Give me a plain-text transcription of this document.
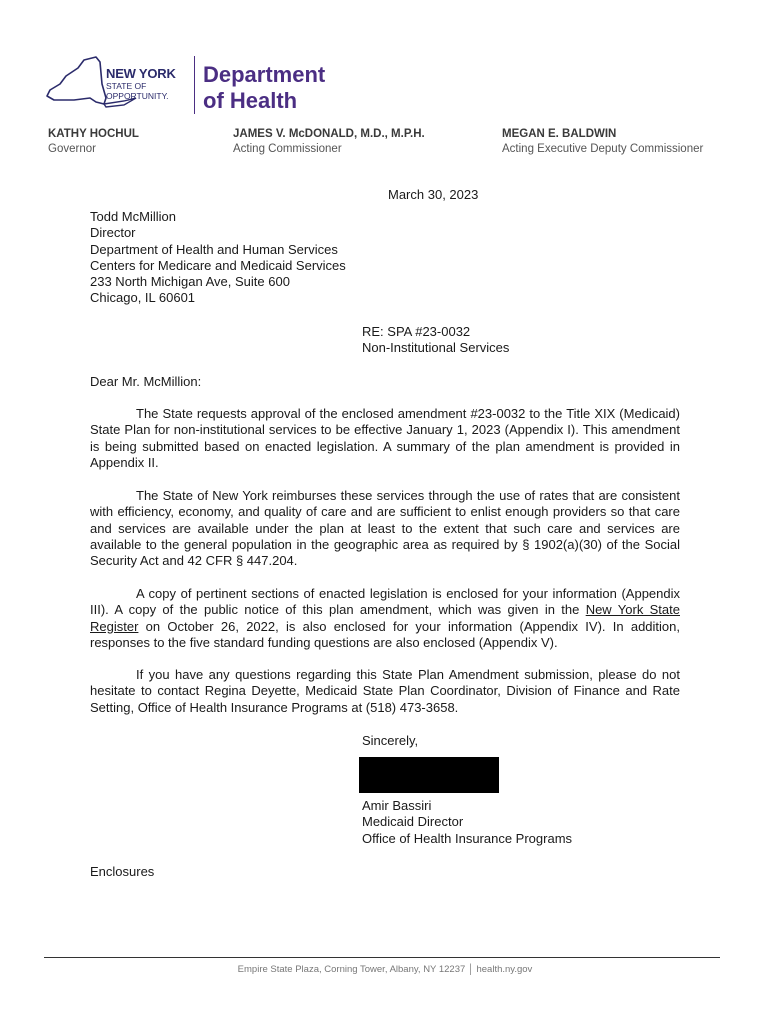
NEW YORK
STATE OF
OPPORTUNITY.
Department
of Health
KATHY HOCHUL
Governor
JAMES V. McDONALD, M.D., M.P.H.
Acting Commissioner
MEGAN E. BALDWIN
Acting Executive Deputy Commissioner
March 30, 2023
Todd McMillion
Director
Department of Health and Human Services
Centers for Medicare and Medicaid Services
233 North Michigan Ave, Suite 600
Chicago, IL 60601
RE: SPA #23-0032
Non-Institutional Services
Dear Mr. McMillion:

The State requests approval of the enclosed amendment #23-0032 to the Title XIX (Medicaid) State Plan for non-institutional services to be effective January 1, 2023 (Appendix I). This amendment is being submitted based on enacted legislation. A summary of the plan amendment is provided in Appendix II.

The State of New York reimburses these services through the use of rates that are consistent with efficiency, economy, and quality of care and are sufficient to enlist enough providers so that care and services are available under the plan at least to the extent that such care and services are available to the general population in the geographic area as required by § 1902(a)(30) of the Social Security Act and 42 CFR § 447.204.

A copy of pertinent sections of enacted legislation is enclosed for your information (Appendix III). A copy of the public notice of this plan amendment, which was given in the New York State Register on October 26, 2022, is also enclosed for your information (Appendix IV). In addition, responses to the five standard funding questions are also enclosed (Appendix V).

If you have any questions regarding this State Plan Amendment submission, please do not hesitate to contact Regina Deyette, Medicaid State Plan Coordinator, Division of Finance and Rate Setting, Office of Health Insurance Programs at (518) 473-3658.

Sincerely,
Amir Bassiri
Medicaid Director
Office of Health Insurance Programs
Enclosures
Empire State Plaza, Corning Tower, Albany, NY 12237 │ health.ny.gov
